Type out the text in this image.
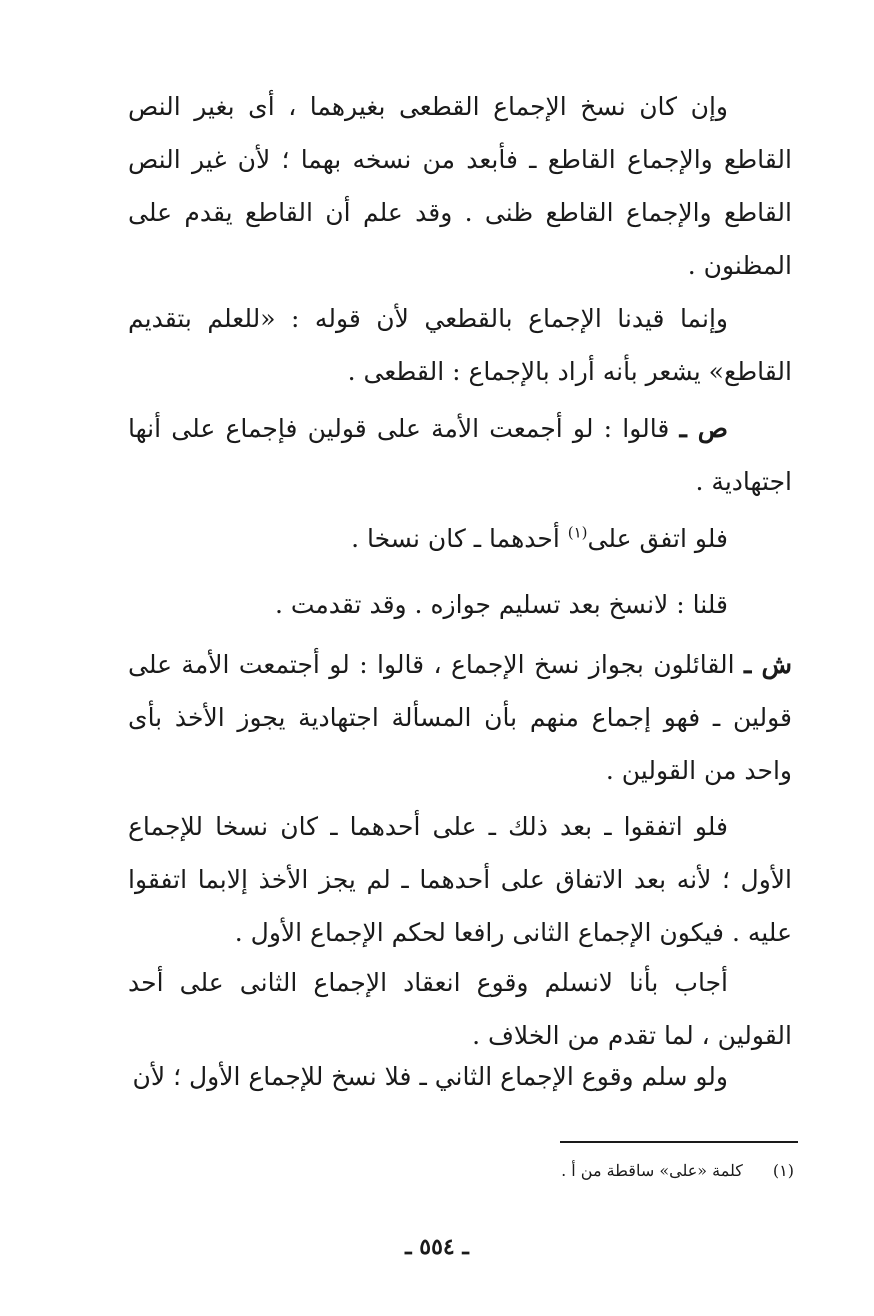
وإن كان نسخ الإجماع القطعى بغيرهما ، أى بغير النص القاطع والإجماع القاطع ـ فأبعد من نسخه بهما ؛ لأن غير النص القاطع والإجماع القاطع ظنى . وقد علم أن القاطع يقدم على المظنون .

وإنما قيدنا الإجماع بالقطعي لأن قوله : «للعلم بتقديم القاطع» يشعر بأنه أراد بالإجماع : القطعى .

ص ـ قالوا : لو أجمعت الأمة على قولين فإجماع على أنها اجتهادية .

فلو اتفق على$^{(١)}$ أحدهما ـ كان نسخا .

قلنا : لانسخ بعد تسليم جوازه . وقد تقدمت .

ش ـ القائلون بجواز نسخ الإجماع ، قالوا : لو أجتمعت الأمة على قولين ـ فهو إجماع منهم بأن المسألة اجتهادية يجوز الأخذ بأى واحد من القولين .

فلو اتفقوا ـ بعد ذلك ـ على أحدهما ـ كان نسخا للإجماع الأول ؛ لأنه بعد الاتفاق على أحدهما ـ لم يجز الأخذ إلابما اتفقوا عليه . فيكون الإجماع الثانى رافعا لحكم الإجماع الأول .

أجاب بأنا لانسلم وقوع انعقاد الإجماع الثانى على أحد القولين ، لما تقدم من الخلاف .

ولو سلم وقوع الإجماع الثاني ـ فلا نسخ للإجماع الأول ؛ لأن

(١)كلمة «على» ساقطة من أ .
ـ ٥٥٤ ـ
